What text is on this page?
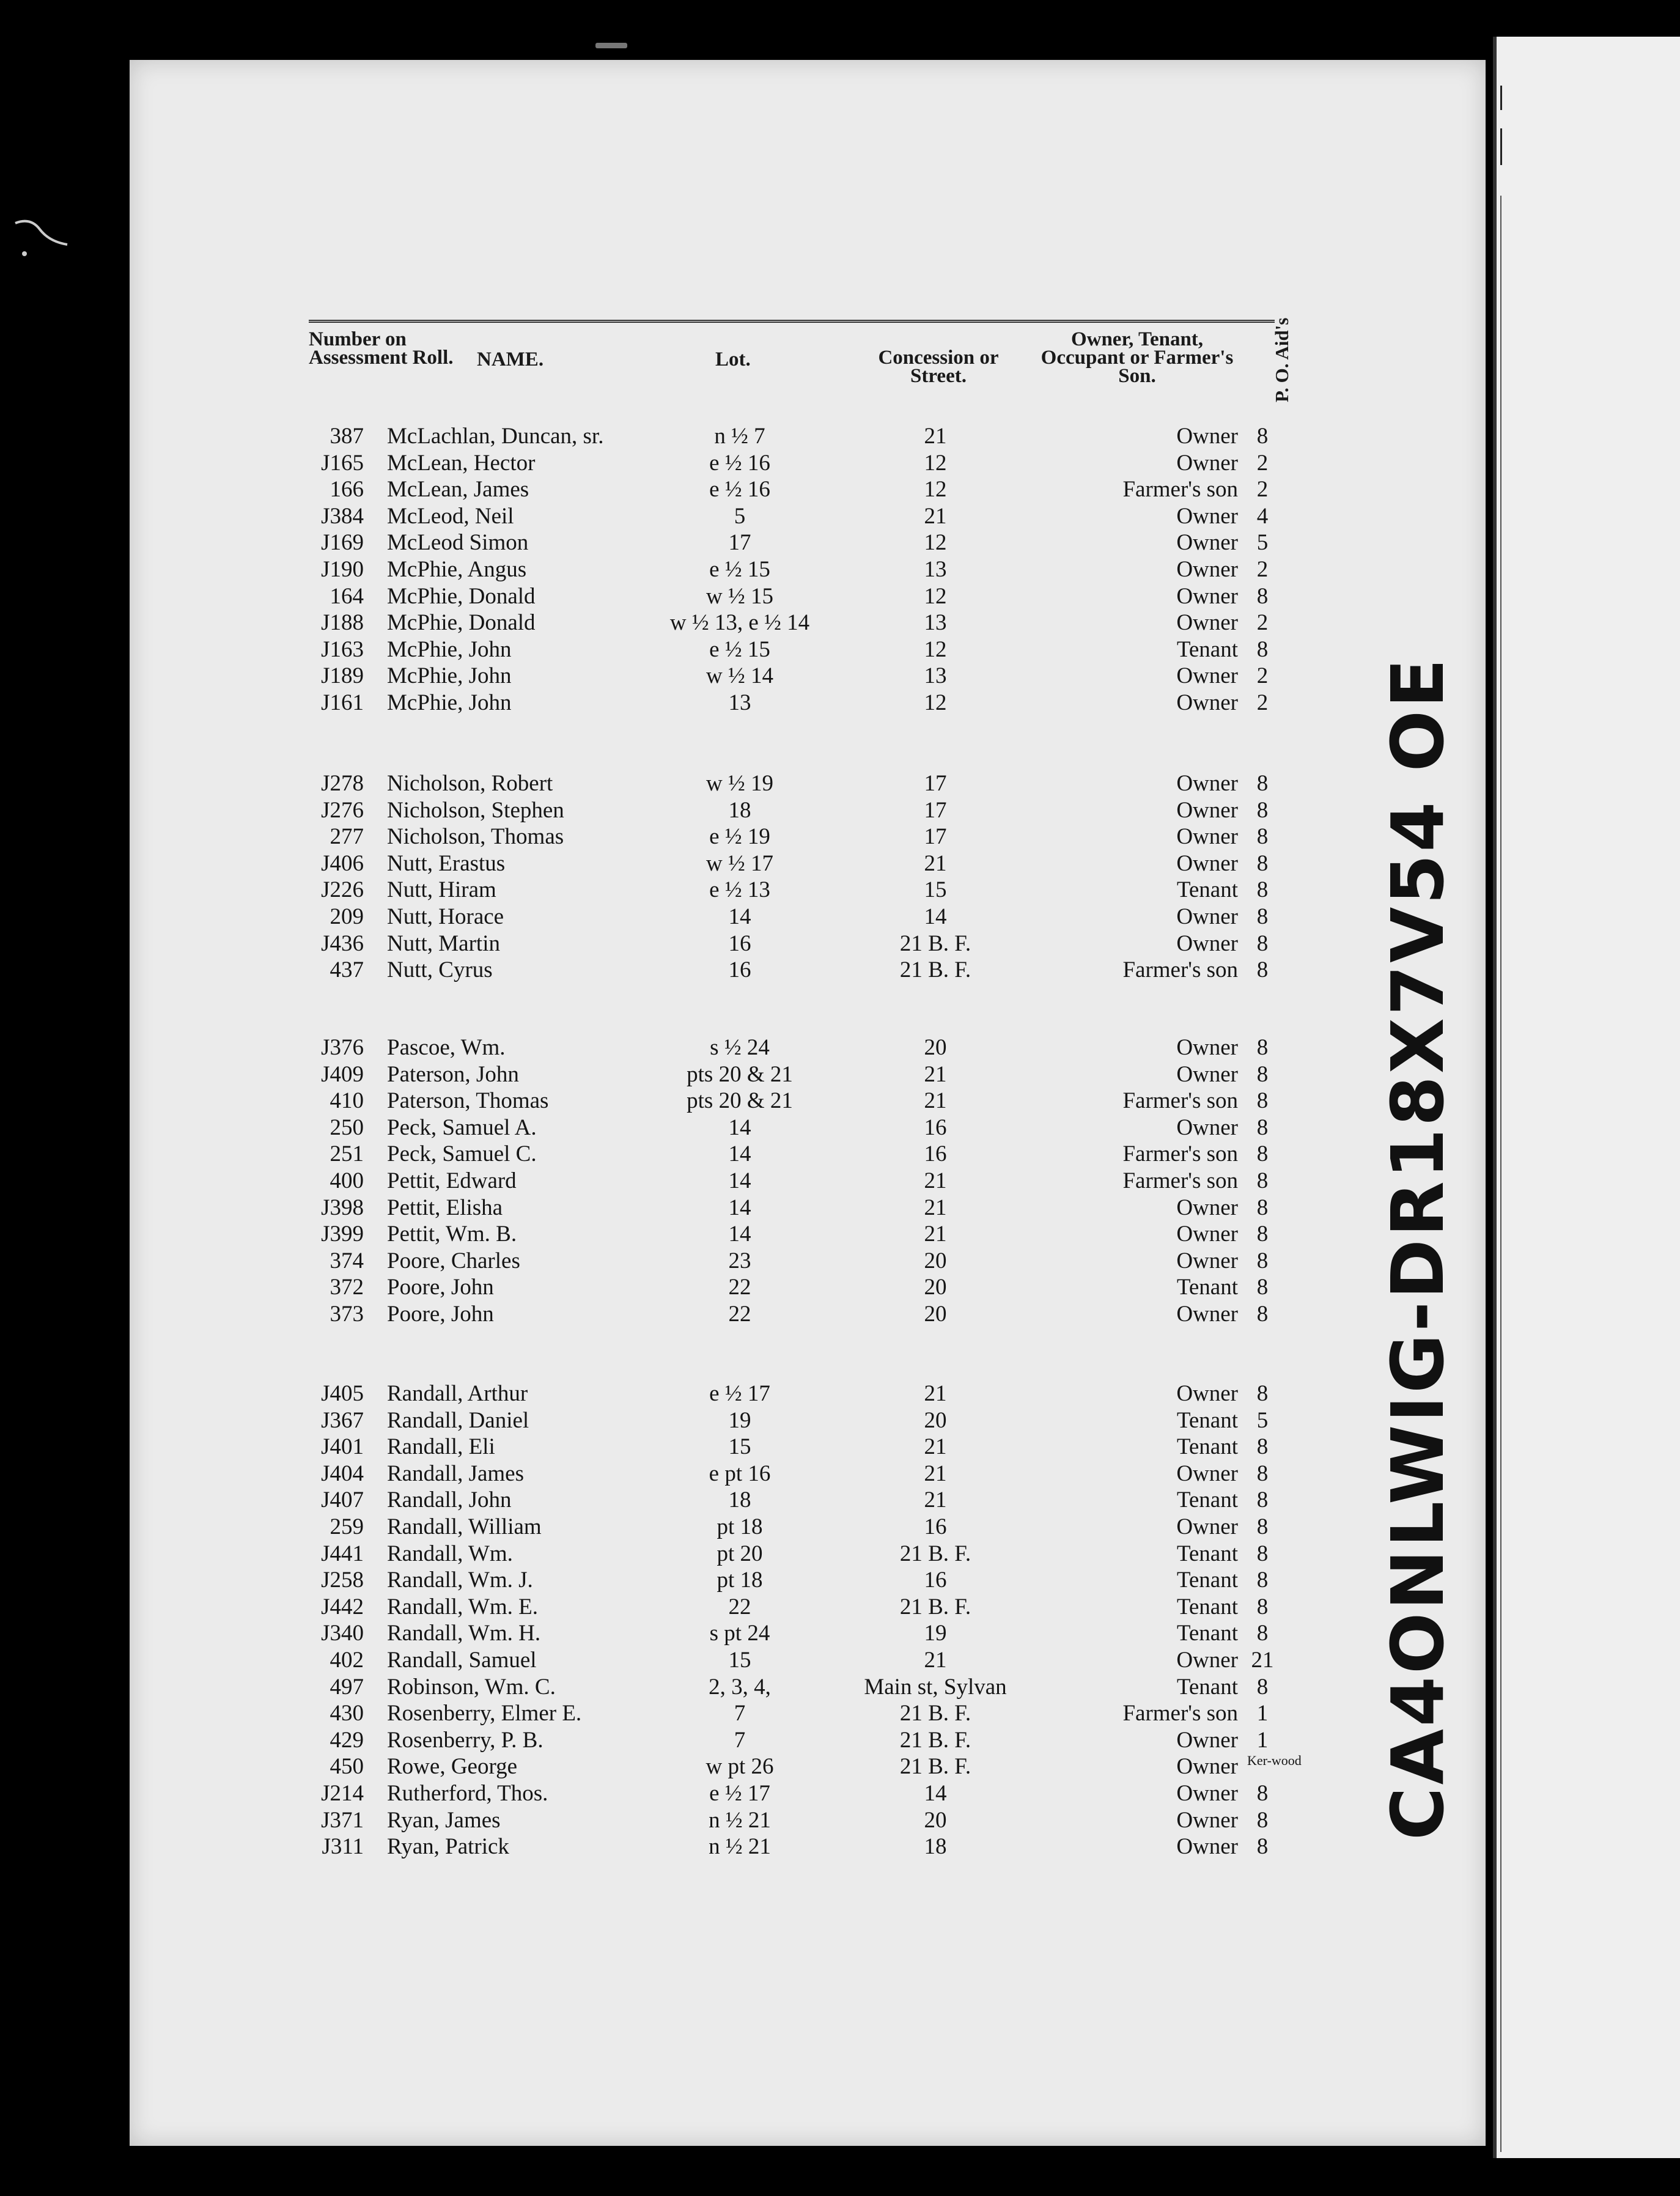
Number on Assessment Roll. NAME.	Lot.	Concession or Street.
Owner, Tenant, Occupant or Farmer's Son.	P. O. Aid's
387 McLachlan, Duncan, sr.	n ½ 7	21	Owner 8
J165 McLean, Hector	e ½ 16	12	Owner 2
166 McLean, James	e ½ 16	12	Farmer's son 2
J384 McLeod, Neil	5	21	Owner 4
J169 McLeod Simon	17	12	Owner 5
J190 McPhie, Angus	e ½ 15	13	Owner 2
164 McPhie, Donald	w ½ 15	12	Owner 8
J188 McPhie, Donald	w ½ 13, e ½ 14	13	Owner 2
J163 McPhie, John	e ½ 15	12	Tenant 8
J189 McPhie, John	w ½ 14	13	Owner 2
J161 McPhie, John	13	12	Owner 2
J278 Nicholson, Robert	w ½ 19	17	Owner 8
J276 Nicholson, Stephen	18	17	Owner 8
277 Nicholson, Thomas	e ½ 19	17	Owner 8
J406 Nutt, Erastus	w ½ 17	21	Owner 8
J226 Nutt, Hiram	e ½ 13	15	Tenant 8
209 Nutt, Horace	14	14	Owner 8
J436 Nutt, Martin	16	21 B. F.	Owner 8
437 Nutt, Cyrus	16	21 B. F.	Farmer's son 8
J376 Pascoe, Wm.	s ½ 24	20	Owner 8
J409 Paterson, John	pts 20 & 21	21	Owner 8
410 Paterson, Thomas	pts 20 & 21	21	Farmer's son 8
250 Peck, Samuel A.	14	16	Owner 8
251 Peck, Samuel C.	14	16	Farmer's son 8
400 Pettit, Edward	14	21	Farmer's son 8
J398 Pettit, Elisha	14	21	Owner 8
J399 Pettit, Wm. B.	14	21	Owner 8
374 Poore, Charles	23	20	Owner 8
372 Poore, John	22	20	Tenant 8
373 Poore, John	22	20	Owner 8
J405 Randall, Arthur	e ½ 17	21	Owner 8
J367 Randall, Daniel	19	20	Tenant 5
J401 Randall, Eli	15	21	Tenant 8
J404 Randall, James	e pt 16	21	Owner 8
J407 Randall, John	18	21	Tenant 8
259 Randall, William	pt 18	16	Owner 8
J441 Randall, Wm.	pt 20	21 B. F.	Tenant 8
J258 Randall, Wm. J.	pt 18	16	Tenant 8
J442 Randall, Wm. E.	22	21 B. F.	Tenant 8
J340 Randall, Wm. H.	s pt 24	19	Tenant 8
402 Randall, Samuel	15	21	Owner 21
497 Robinson, Wm. C.	2, 3, 4,	Main st, Sylvan	Tenant 8
430 Rosenberry, Elmer E.	7	21 B. F.	Farmer's son 1
429 Rosenberry, P. B.	7	21 B. F.	Owner 1
450 Rowe, George	w pt 26	21 B. F.	Owner Ker-wood
J214 Rutherford, Thos.	e ½ 17	14	Owner 8
J371 Ryan, James	n ½ 21	20	Owner 8
J311 Ryan, Patrick	n ½ 21	18	Owner 8
CA4ONLWIG-DR18X7V54 OE
